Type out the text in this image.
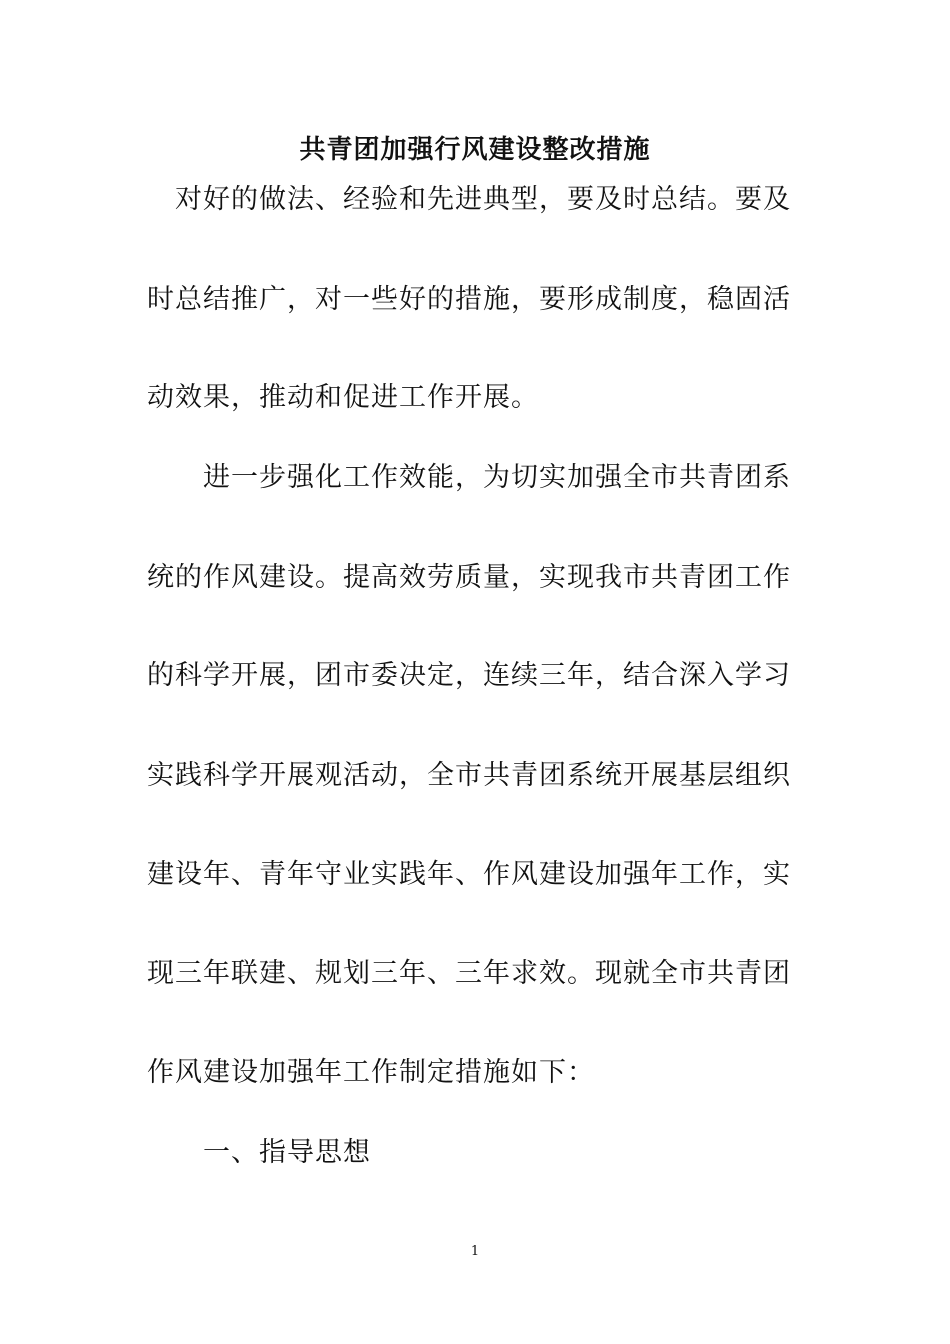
共青团加强行风建设整改措施
对好的做法、经验和先进典型，要及时总结。要及
时总结推广，对一些好的措施，要形成制度，稳固活
动效果，推动和促进工作开展。
进一步强化工作效能，为切实加强全市共青团系
统的作风建设。提高效劳质量，实现我市共青团工作
的科学开展，团市委决定，连续三年，结合深入学习
实践科学开展观活动，全市共青团系统开展基层组织
建设年、青年守业实践年、作风建设加强年工作，实
现三年联建、规划三年、三年求效。现就全市共青团
作风建设加强年工作制定措施如下：
一、指导思想
1
